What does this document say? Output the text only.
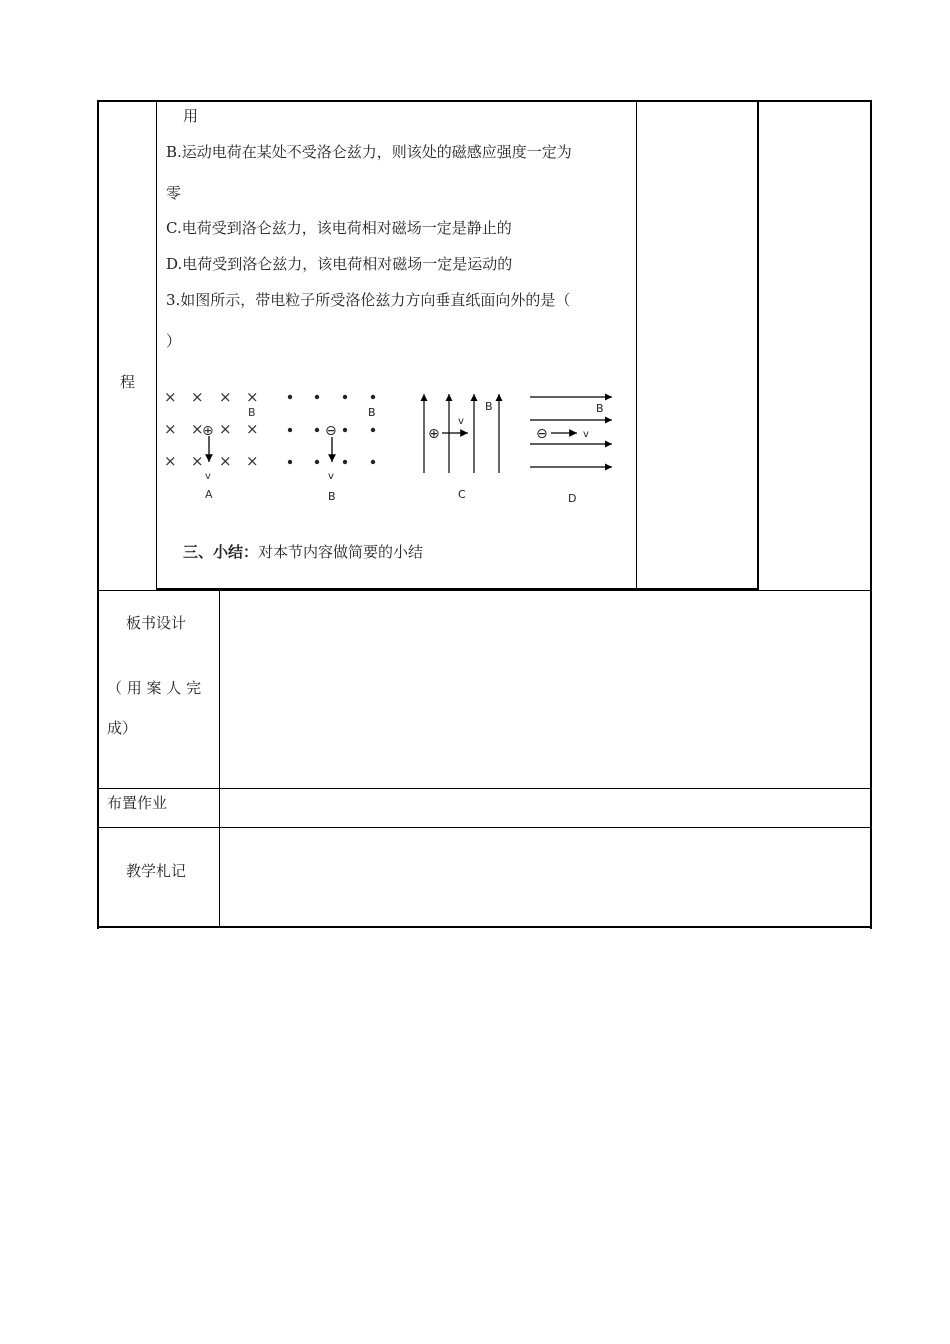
程
用
B.运动电荷在某处不受洛仑兹力，则该处的磁感应强度一定为
零
C.电荷受到洛仑兹力，该电荷相对磁场一定是静止的
D.电荷受到洛仑兹力，该电荷相对磁场一定是运动的
3.如图所示，带电粒子所受洛伦兹力方向垂直纸面向外的是（
）
× × × ×
× × × ×
× × × ×
B
⊕
v
A
B
⊖
v
B
B
⊕
v
C
B
⊖	v
D
三、小结：对本节内容做简要的小结
板书设计
（ 用 案 人 完
成）
布置作业
教学札记
